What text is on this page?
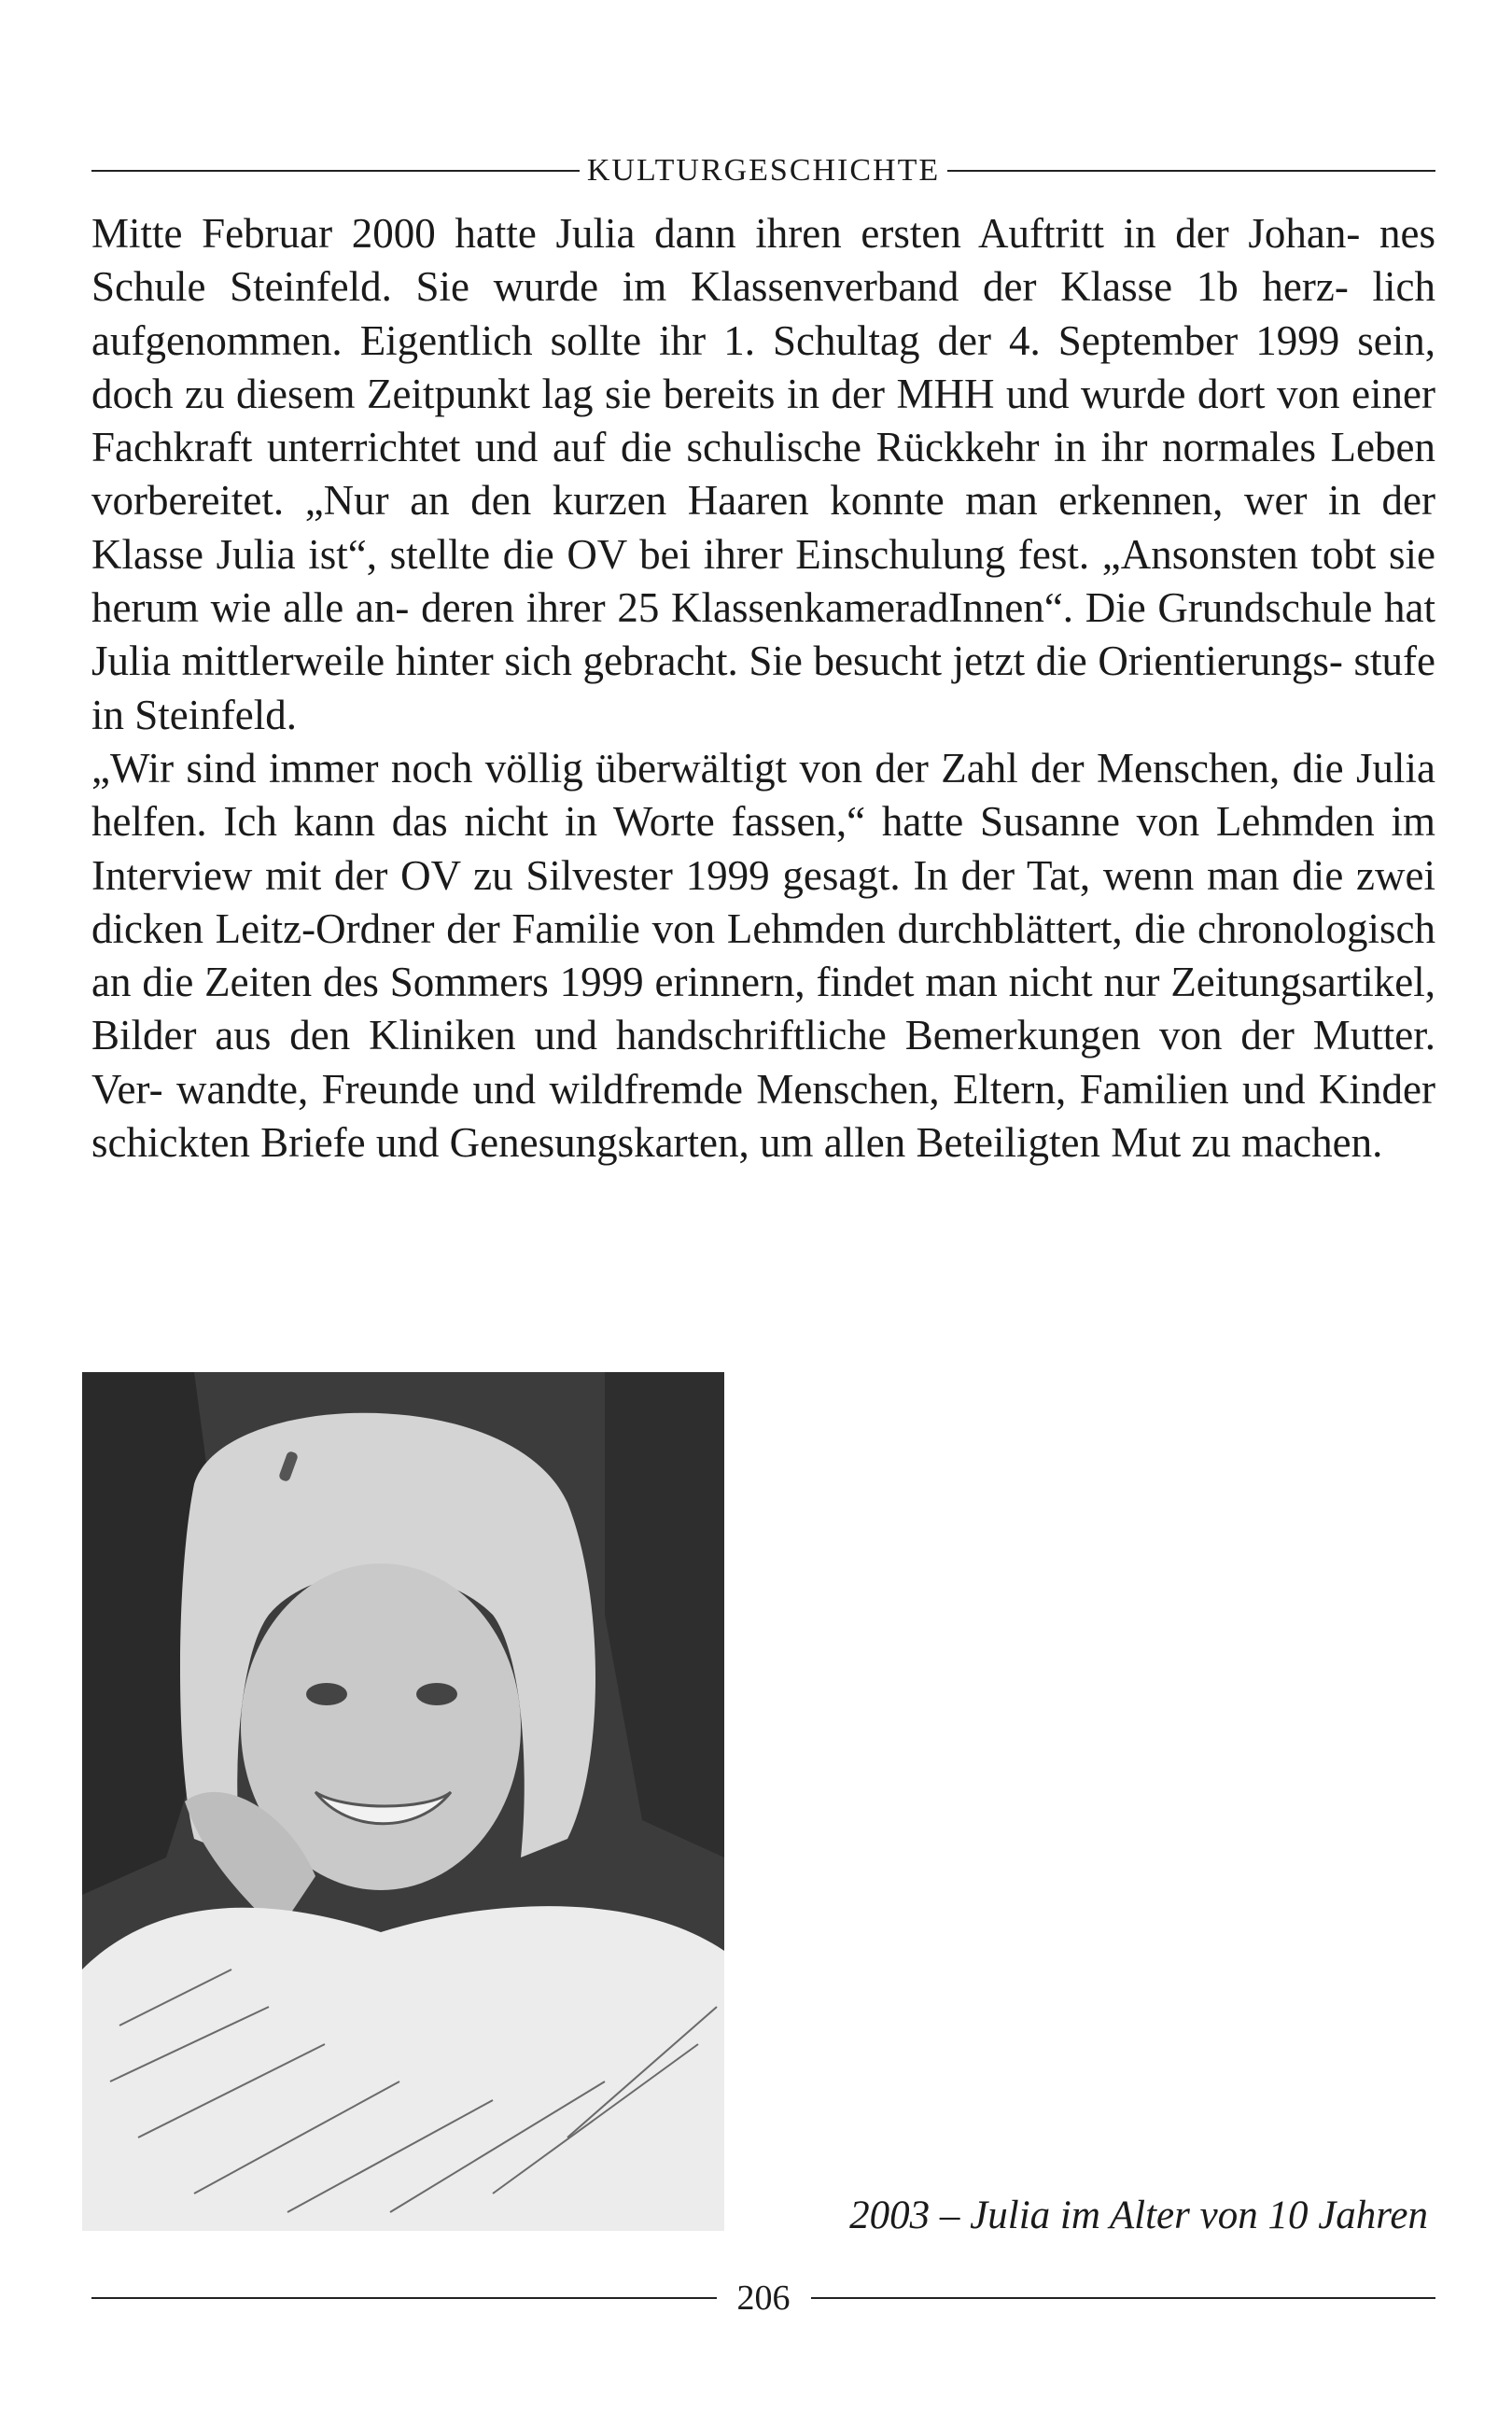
KULTURGESCHICHTE

Mitte Februar 2000 hatte Julia dann ihren ersten Auftritt in der Johan- nes Schule Steinfeld. Sie wurde im Klassenverband der Klasse 1b herz- lich aufgenommen. Eigentlich sollte ihr 1. Schultag der 4. September 1999 sein, doch zu diesem Zeitpunkt lag sie bereits in der MHH und wurde dort von einer Fachkraft unterrichtet und auf die schulische Rückkehr in ihr normales Leben vorbereitet. „Nur an den kurzen Haaren konnte man erkennen, wer in der Klasse Julia ist“, stellte die OV bei ihrer Einschulung fest. „Ansonsten tobt sie herum wie alle an- deren ihrer 25 KlassenkameradInnen“. Die Grundschule hat Julia mittlerweile hinter sich gebracht. Sie besucht jetzt die Orientierungs- stufe in Steinfeld.

„Wir sind immer noch völlig überwältigt von der Zahl der Menschen, die Julia helfen. Ich kann das nicht in Worte fassen,“ hatte Susanne von Lehmden im Interview mit der OV zu Silvester 1999 gesagt. In der Tat, wenn man die zwei dicken Leitz-Ordner der Familie von Lehmden durchblättert, die chronologisch an die Zeiten des Sommers 1999 erinnern, findet man nicht nur Zeitungsartikel, Bilder aus den Kliniken und handschriftliche Bemerkungen von der Mutter. Ver- wandte, Freunde und wildfremde Menschen, Eltern, Familien und Kinder schickten Briefe und Genesungskarten, um allen Beteiligten Mut zu machen.

2003 – Julia im Alter von 10 Jahren
206
